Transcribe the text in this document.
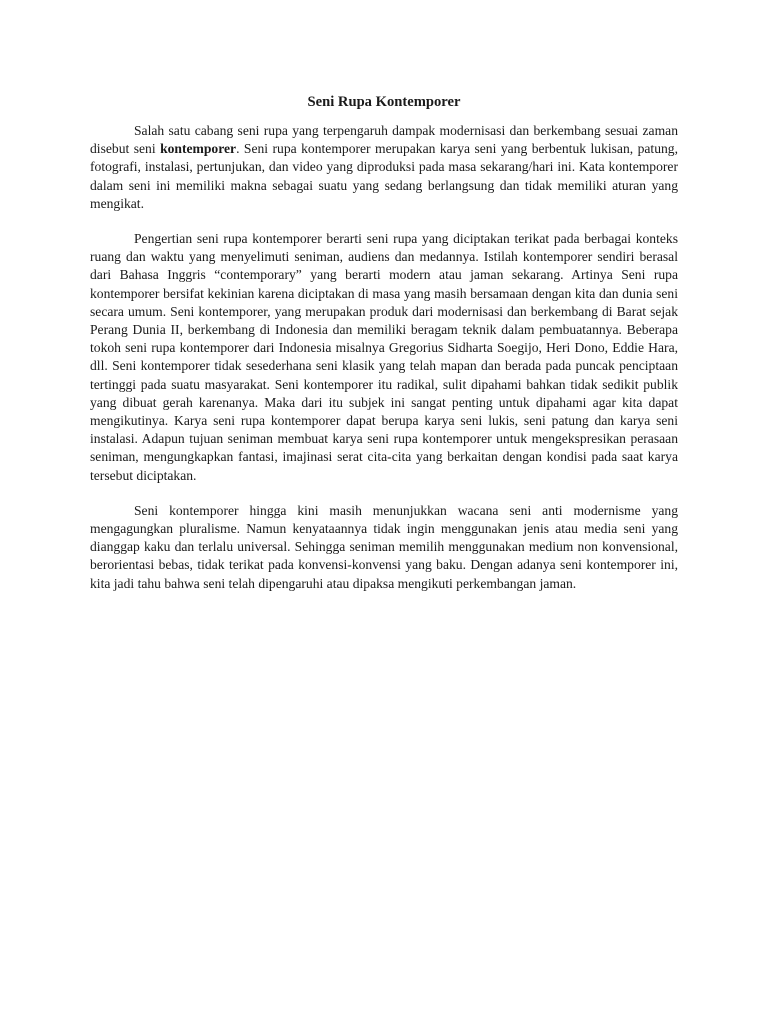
Seni Rupa Kontemporer

Salah satu cabang seni rupa yang terpengaruh dampak modernisasi dan berkembang sesuai zaman disebut seni kontemporer. Seni rupa kontemporer merupakan karya seni yang berbentuk lukisan, patung, fotografi, instalasi, pertunjukan, dan video yang diproduksi pada masa sekarang/hari ini. Kata kontemporer dalam seni ini memiliki makna sebagai suatu yang sedang berlangsung dan tidak memiliki aturan yang mengikat.

Pengertian seni rupa kontemporer berarti seni rupa yang diciptakan terikat pada berbagai konteks ruang dan waktu yang menyelimuti seniman, audiens dan medannya. Istilah kontemporer sendiri berasal dari Bahasa Inggris “contemporary” yang berarti modern atau jaman sekarang. Artinya Seni rupa kontemporer bersifat kekinian karena diciptakan di masa yang masih bersamaan dengan kita dan dunia seni secara umum. Seni kontemporer, yang merupakan produk dari modernisasi dan berkembang di Barat sejak Perang Dunia II, berkembang di Indonesia dan memiliki beragam teknik dalam pembuatannya. Beberapa tokoh seni rupa kontemporer dari Indonesia misalnya Gregorius Sidharta Soegijo, Heri Dono, Eddie Hara, dll. Seni kontemporer tidak sesederhana seni klasik yang telah mapan dan berada pada puncak penciptaan tertinggi pada suatu masyarakat. Seni kontemporer itu radikal, sulit dipahami bahkan tidak sedikit publik yang dibuat gerah karenanya. Maka dari itu subjek ini sangat penting untuk dipahami agar kita dapat mengikutinya. Karya seni rupa kontemporer dapat berupa karya seni lukis, seni patung dan karya seni instalasi. Adapun tujuan seniman membuat karya seni rupa kontemporer untuk mengekspresikan perasaan seniman, mengungkapkan fantasi, imajinasi serat cita-cita yang berkaitan dengan kondisi pada saat karya tersebut diciptakan.

Seni kontemporer hingga kini masih menunjukkan wacana seni anti modernisme yang mengagungkan pluralisme. Namun kenyataannya tidak ingin menggunakan jenis atau media seni yang dianggap kaku dan terlalu universal. Sehingga seniman memilih menggunakan medium non konvensional, berorientasi bebas, tidak terikat pada konvensi-konvensi yang baku. Dengan adanya seni kontemporer ini, kita jadi tahu bahwa seni telah dipengaruhi atau dipaksa mengikuti perkembangan jaman.
